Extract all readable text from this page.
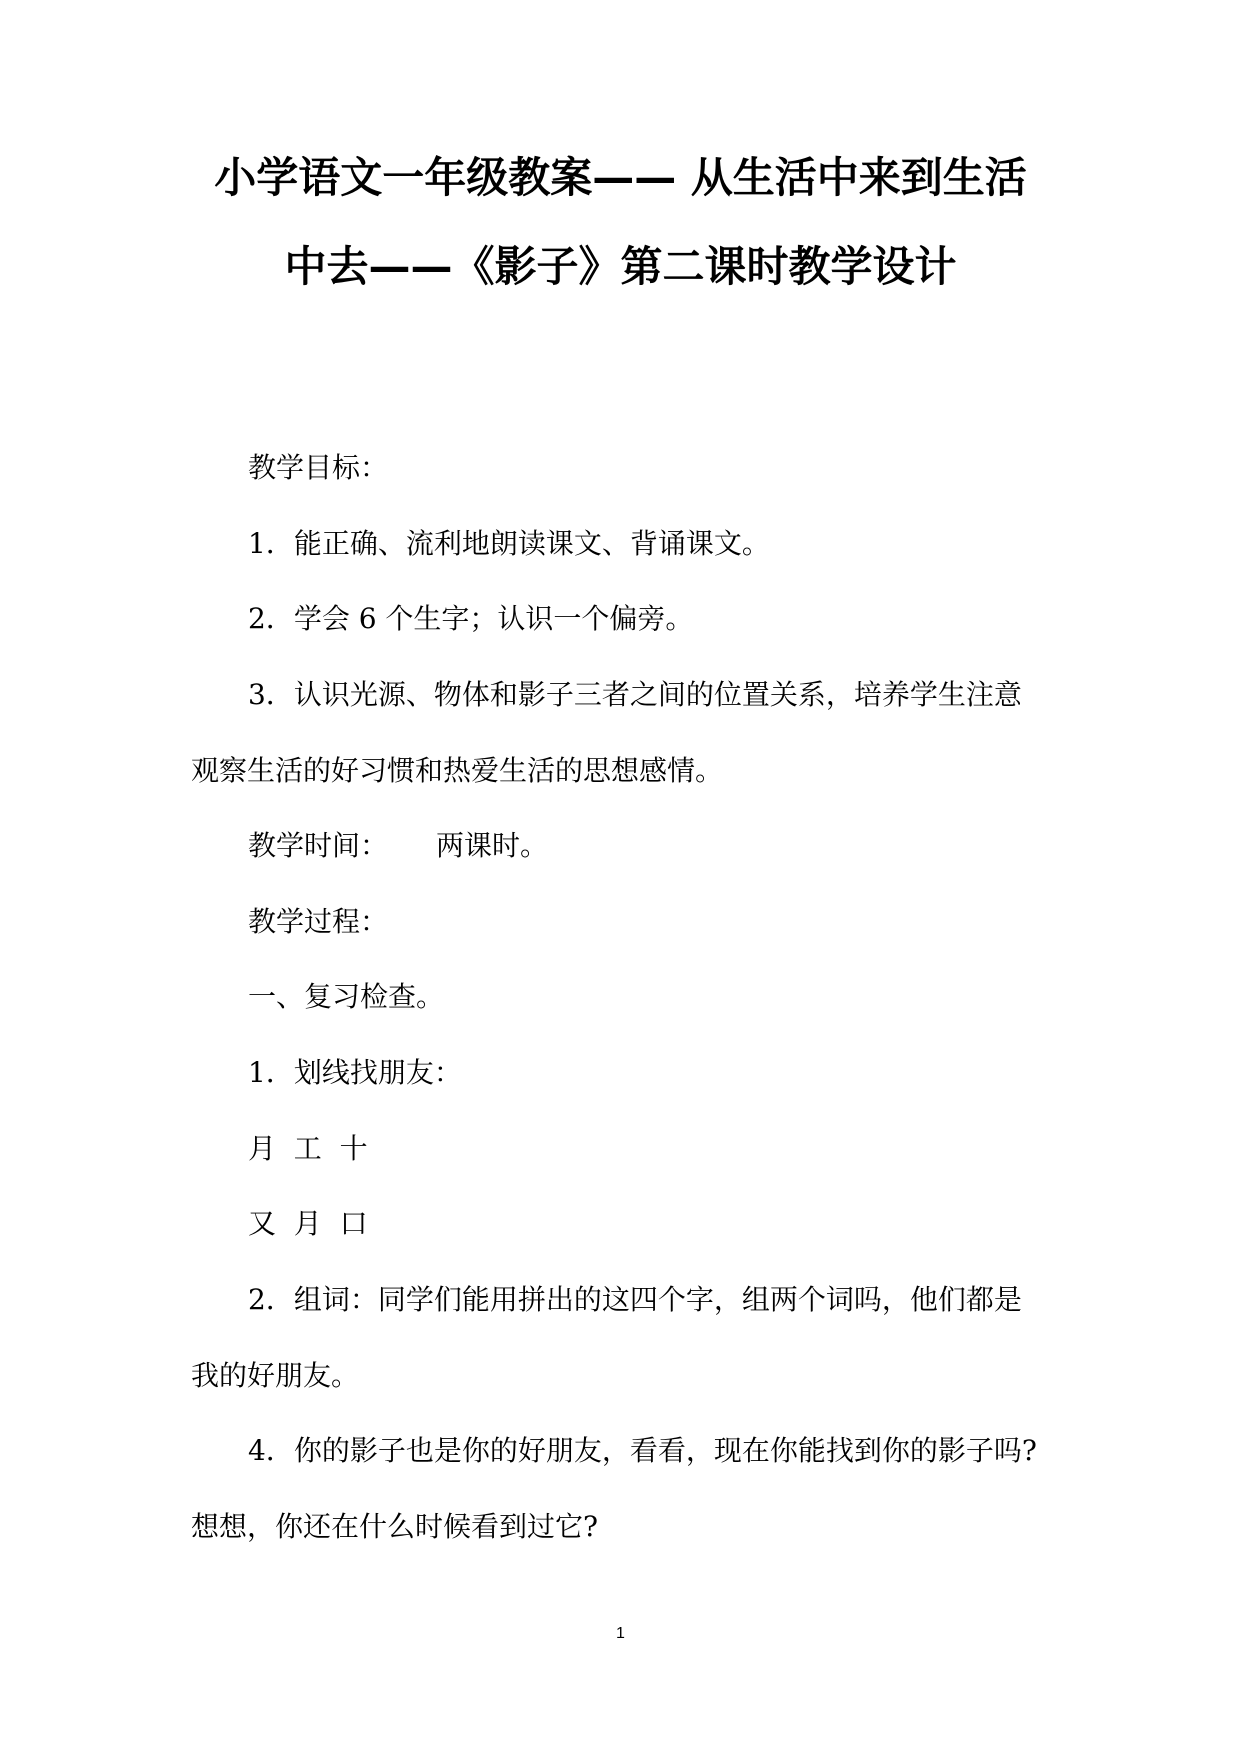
小学语文一年级教案—— 从生活中来到生活
中去——《影子》第二课时教学设计
教学目标：
1．能正确、流利地朗读课文、背诵课文。
2．学会 6 个生字；认识一个偏旁。
3．认识光源、物体和影子三者之间的位置关系，培养学生注意
观察生活的好习惯和热爱生活的思想感情。
教学时间： 两课时。
教学过程：
一、复习检查。
1．划线找朋友：
月  工  十
又  月  口
2．组词：同学们能用拼出的这四个字，组两个词吗，他们都是
我的好朋友。
4．你的影子也是你的好朋友，看看，现在你能找到你的影子吗?
想想，你还在什么时候看到过它?
1
